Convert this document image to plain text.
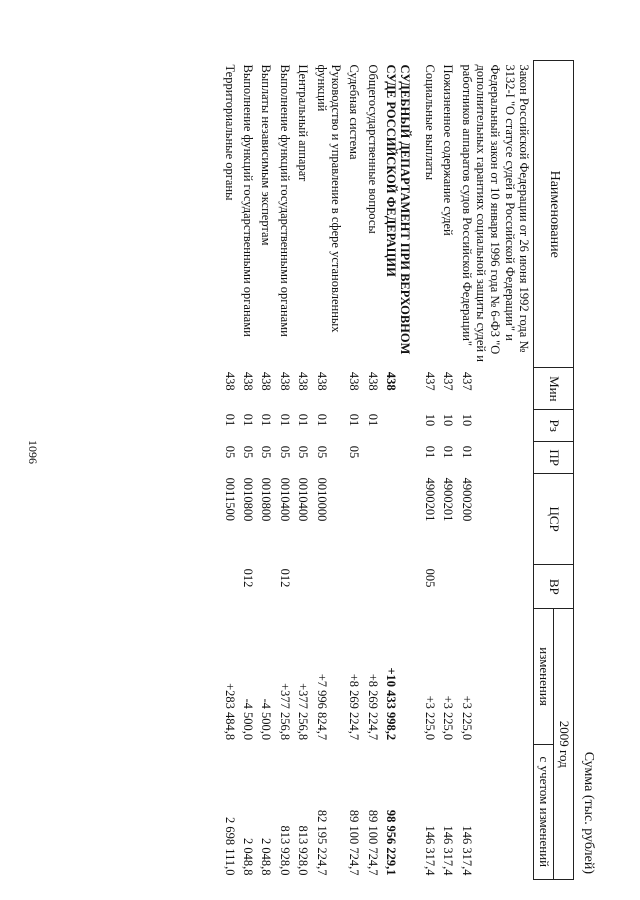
1096
Сумма (тыс. рублей)
Наименование	Мин	Рз	ПР	ЦСР	ВР	2009 год	
						изменения	с учетом изменений
Закон Российской Федерации от 26 июня 1992 года № 3132-I "О статусе судей в Российской Федерации" и Федеральный закон от 10 января 1996 года № 6-ФЗ "О дополнительных гарантиях социальной защиты судей и работников аппаратов судов Российской Федерации"	437	10	01	4900200		+3 225,0	146 317,4
Пожизненное содержание судей	437	10	01	4900201		+3 225,0	146 317,4
Социальные выплаты	437	10	01	4900201	005	+3 225,0	146 317,4

СУДЕБНЫЙ ДЕПАРТАМЕНТ ПРИ ВЕРХОВНОМ СУДЕ РОССИЙСКОЙ ФЕДЕРАЦИИ	438					+10 433 998,2	98 956 229,1
Общегосударственные вопросы	438	01				+8 269 224,7	89 100 724,7
Судебная система	438	01	05			+8 269 224,7	89 100 724,7
Руководство и управление в сфере установленных функций	438	01	05	0010000		+7 996 824,7	82 195 224,7
Центральный аппарат	438	01	05	0010400		+377 256,8	813 928,0
Выполнение функций государственными органами	438	01	05	0010400	012	+377 256,8	813 928,0
Выплаты независимым экспертам	438	01	05	0010800		-4 500,0	2 048,8
Выполнение функций государственными органами	438	01	05	0010800	012	-4 500,0	2 048,8
Территориальные органы	438	01	05	0011500		+283 484,8	2 698 111,0
